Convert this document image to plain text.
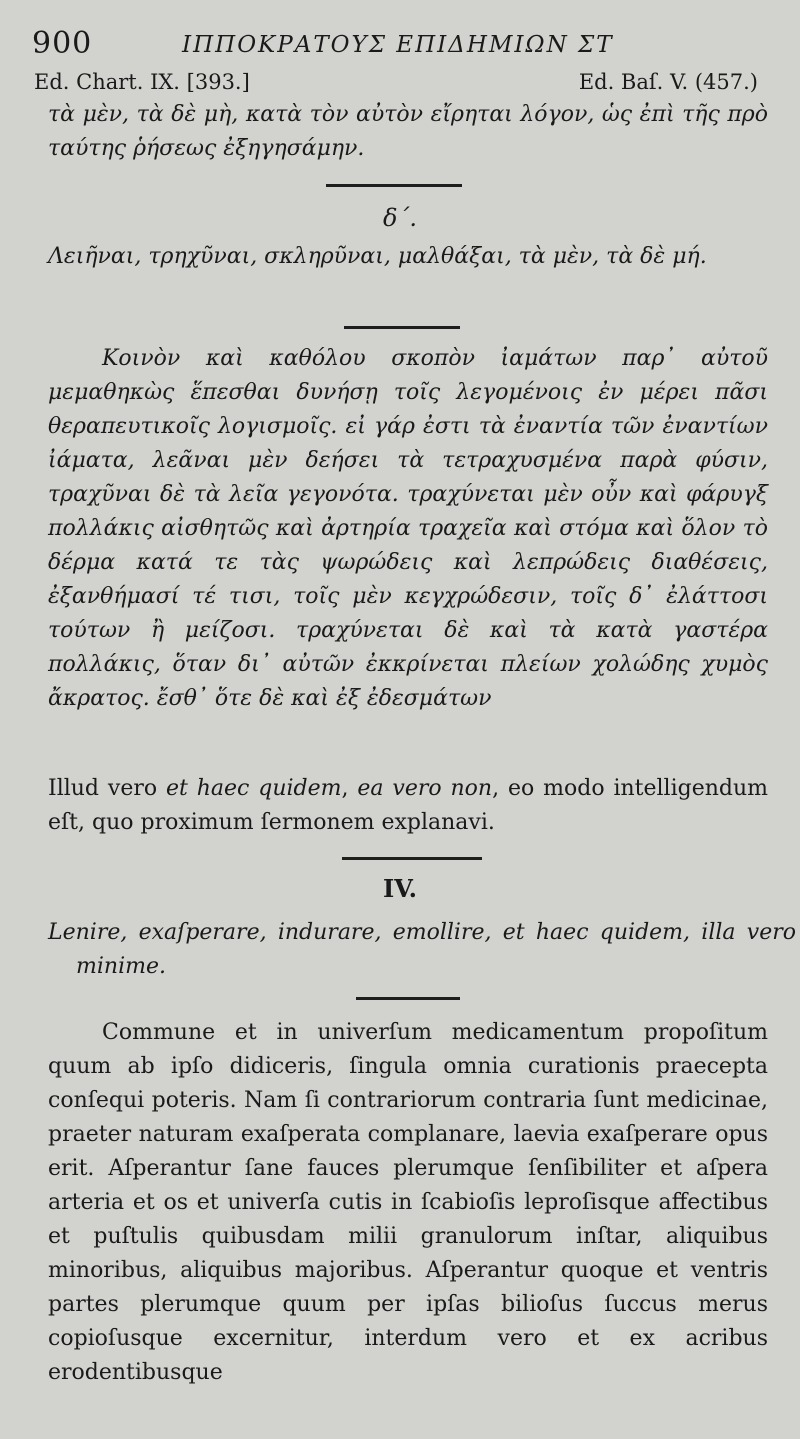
900	ΙΠΠΟΚΡΑΤΟΥΣ ΕΠΙΔΗΜΙΩΝ ΣΤ
Ed. Chart. IX. [393.]	Ed. Baſ. V. (457.)

τὰ μὲν, τὰ δὲ μὴ, κατὰ τὸν αὐτὸν εἴρηται λόγον, ὡς ἐπὶ τῆς πρὸ ταύτης ῥήσεως ἐξηγησάμην.

δ΄.

Λειῆναι, τρηχῦναι, σκληρῦναι, μαλθάξαι, τὰ μὲν, τὰ δὲ μή.

Κοινὸν καὶ καθόλου σκοπὸν ἰαμάτων παρ᾽ αὐτοῦ μεμαθηκὼς ἕπεσθαι δυνήσῃ τοῖς λεγομένοις ἐν μέρει πᾶσι θεραπευτικοῖς λογισμοῖς. εἰ γάρ ἐστι τὰ ἐναντία τῶν ἐναντίων ἰάματα, λεᾶναι μὲν δεήσει τὰ τετραχυσμένα παρὰ φύσιν, τραχῦναι δὲ τὰ λεῖα γεγονότα. τραχύνεται μὲν οὖν καὶ φάρυγξ πολλάκις αἰσθητῶς καὶ ἀρτηρία τραχεῖα καὶ στόμα καὶ ὅλον τὸ δέρμα κατά τε τὰς ψωρώδεις καὶ λεπρώδεις διαθέσεις, ἐξανθήμασί τέ τισι, τοῖς μὲν κεγχρώδεσιν, τοῖς δ᾽ ἐλάττοσι τούτων ἢ μείζοσι. τραχύνεται δὲ καὶ τὰ κατὰ γαστέρα πολλάκις, ὅταν δι᾽ αὐτῶν ἐκκρίνεται πλείων χολώδης χυμὸς ἄκρατος. ἔσθ᾽ ὅτε δὲ καὶ ἐξ ἐδεσμάτων

Illud vero et haec quidem, ea vero non, eo modo intelligendum eſt, quo proximum ſermonem explanavi.

IV.

Lenire, exaſperare, indurare, emollire, et haec quidem, illa vero minime.

Commune et in univerſum medicamentum propoſitum quum ab ipſo didiceris, ſingula omnia curationis praecepta conſequi poteris. Nam ſi contrariorum contraria ſunt medicinae, praeter naturam exaſperata complanare, laevia exaſperare opus erit. Aſperantur ſane fauces plerumque ſenſibiliter et aſpera arteria et os et univerſa cutis in ſcabioſis leproſisque affectibus et puſtulis quibusdam milii granulorum inſtar, aliquibus minoribus, aliquibus majoribus. Aſperantur quoque et ventris partes plerumque quum per ipſas bilioſus ſuccus merus copioſusque excernitur, interdum vero et ex acribus erodentibusque
